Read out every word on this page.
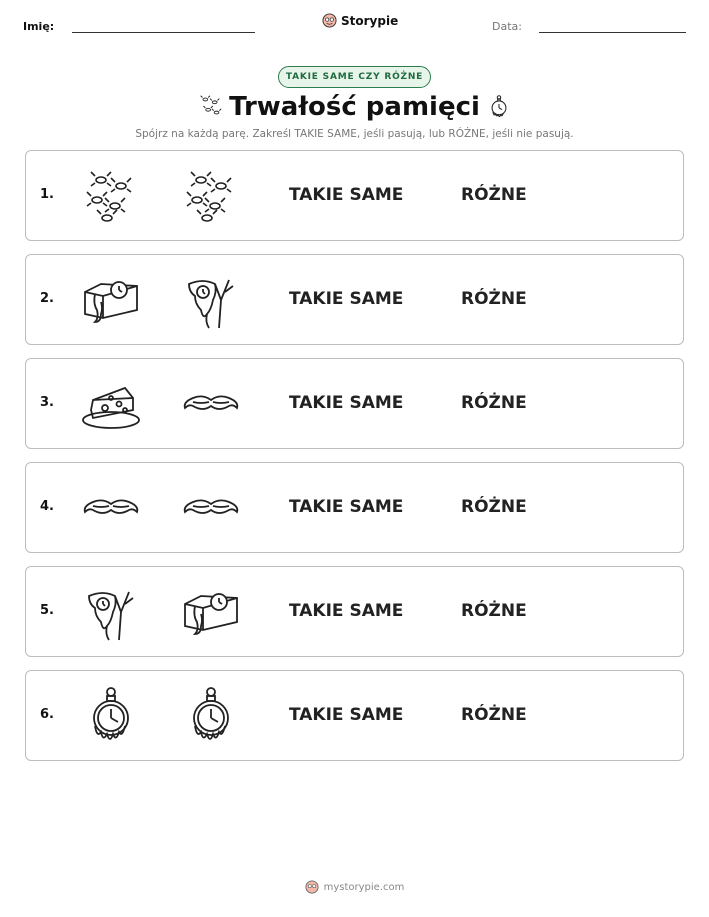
Imię:	Storypie	Data:
TAKIE SAME CZY RÓŻNE
Trwałość pamięci
Spójrz na każdą parę. Zakreśl TAKIE SAME, jeśli pasują, lub RÓŻNE, jeśli nie pasują.
1.	TAKIE SAME	RÓŻNE
2.	TAKIE SAME	RÓŻNE
3.	TAKIE SAME	RÓŻNE
4.	TAKIE SAME	RÓŻNE
5.	TAKIE SAME	RÓŻNE
6.	TAKIE SAME	RÓŻNE
mystorypie.com
